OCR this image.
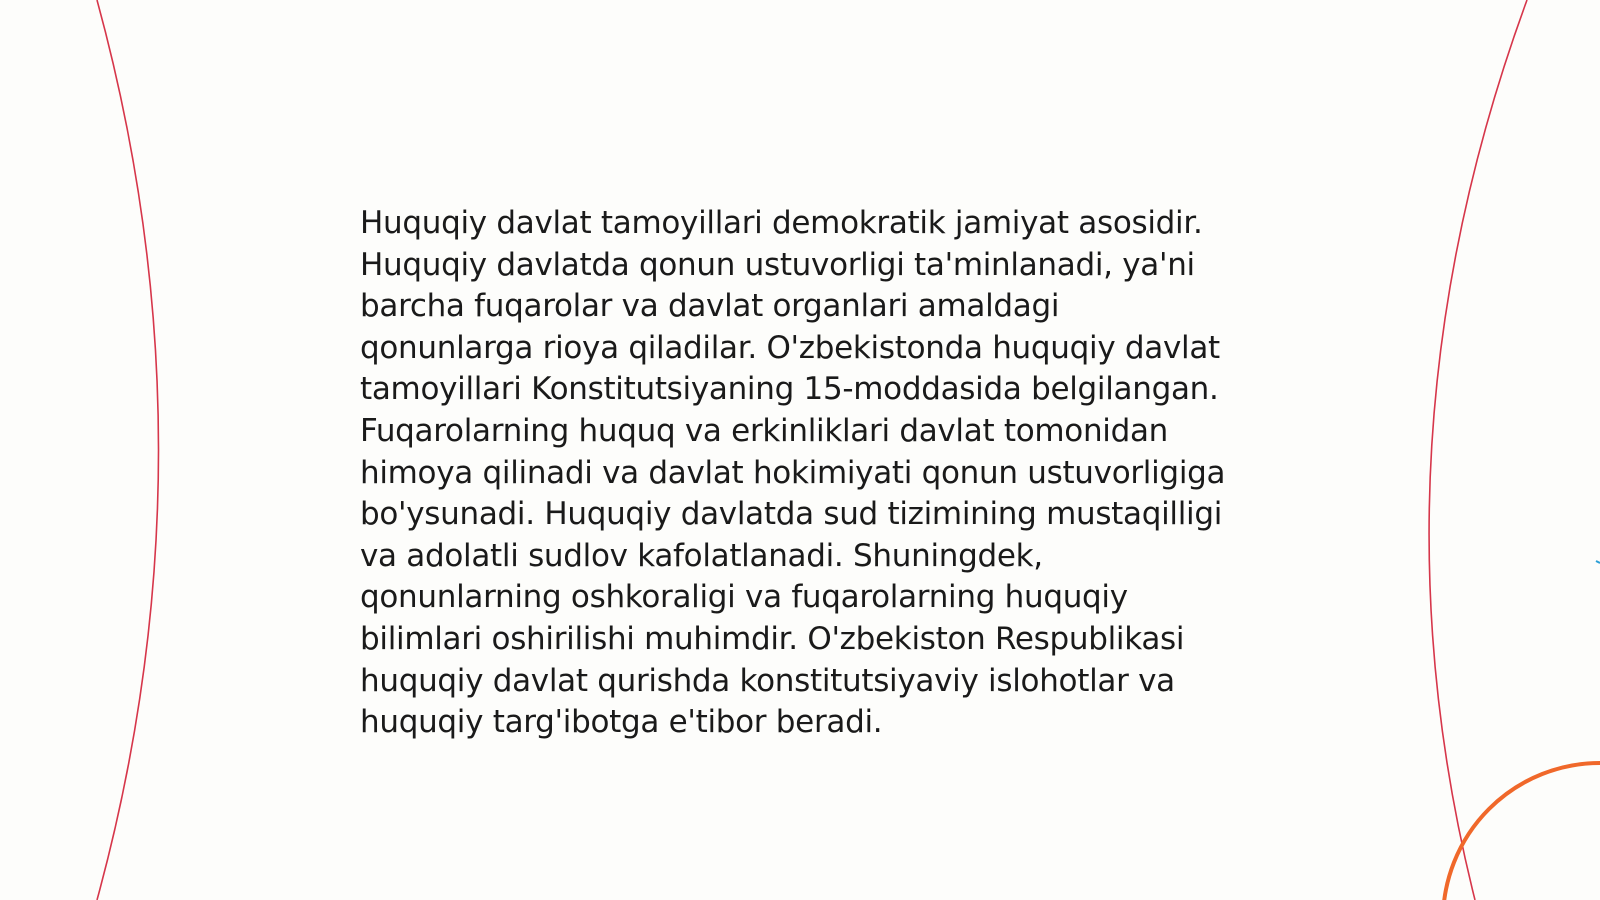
Huquqiy davlat tamoyillari demokratik jamiyat asosidir. Huquqiy davlatda qonun ustuvorligi ta'minlanadi, ya'ni barcha fuqarolar va davlat organlari amaldagi qonunlarga rioya qiladilar. O'zbekistonda huquqiy davlat tamoyillari Konstitutsiyaning 15-moddasida belgilangan. Fuqarolarning huquq va erkinliklari davlat tomonidan himoya qilinadi va davlat hokimiyati qonun ustuvorligiga bo'ysunadi. Huquqiy davlatda sud tizimining mustaqilligi va adolatli sudlov kafolatlanadi. Shuningdek, qonunlarning oshkoraligi va fuqarolarning huquqiy bilimlari oshirilishi muhimdir. O'zbekiston Respublikasi huquqiy davlat qurishda konstitutsiyaviy islohotlar va huquqiy targ'ibotga e'tibor beradi.
